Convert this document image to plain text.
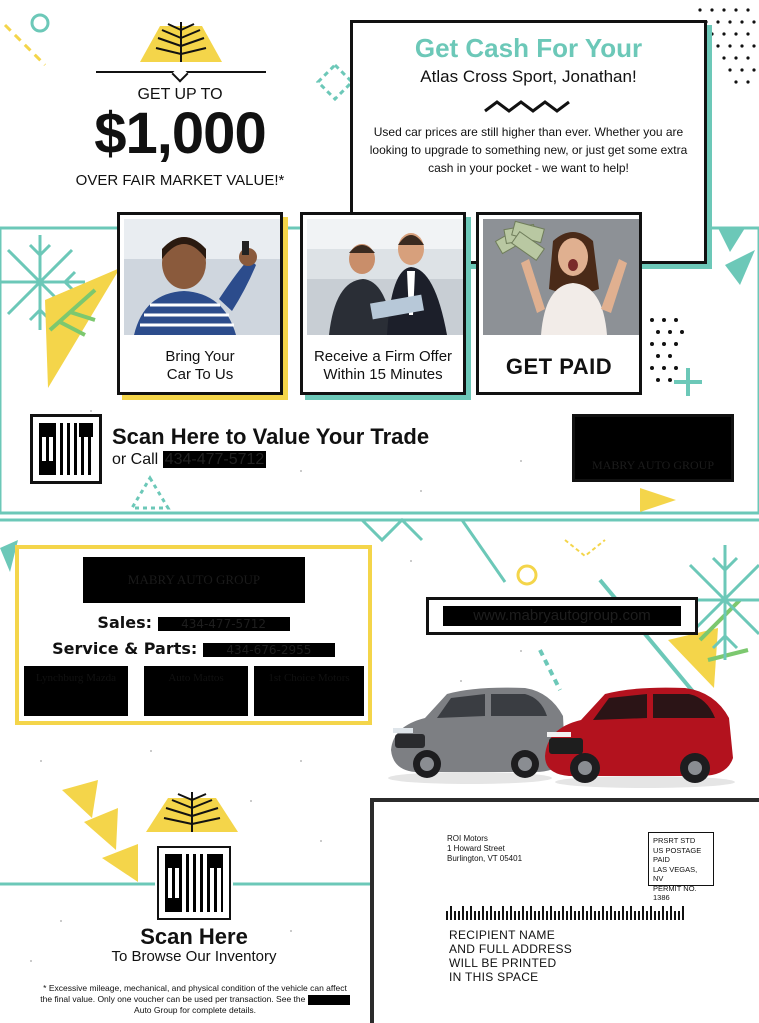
GET UP TO
$1,000
OVER FAIR MARKET VALUE!*
Get Cash For Your
Atlas Cross Sport, Jonathan!
Used car prices are still higher than ever. Whether you are looking to upgrade to something new, or just get some extra cash in your pocket - we want to help!
Bring Your
Car To Us
Receive a Firm Offer
Within 15 Minutes	GET PAID
Scan Here to Value Your Trade
or Call 434-477-5712	MABRY AUTO GROUP
MABRY AUTO GROUP
Sales: 434-477-5712
Service & Parts: 434-676-2955
Lynchburg Mazda	Auto Mattos	1st Choice Motors
www.mabryautogroup.com
Scan Here
To Browse Our Inventory
* Excessive mileage, mechanical, and physical condition of the vehicle can affect
the final value. Only one voucher can be used per transaction. See the
Auto Group for complete details.
ROI Motors
1 Howard Street
Burlington, VT 05401
PRSRT STD
US POSTAGE
PAID
LAS VEGAS, NV
PERMIT NO. 1386
RECIPIENT NAME
AND FULL ADDRESS
WILL BE PRINTED
IN THIS SPACE
